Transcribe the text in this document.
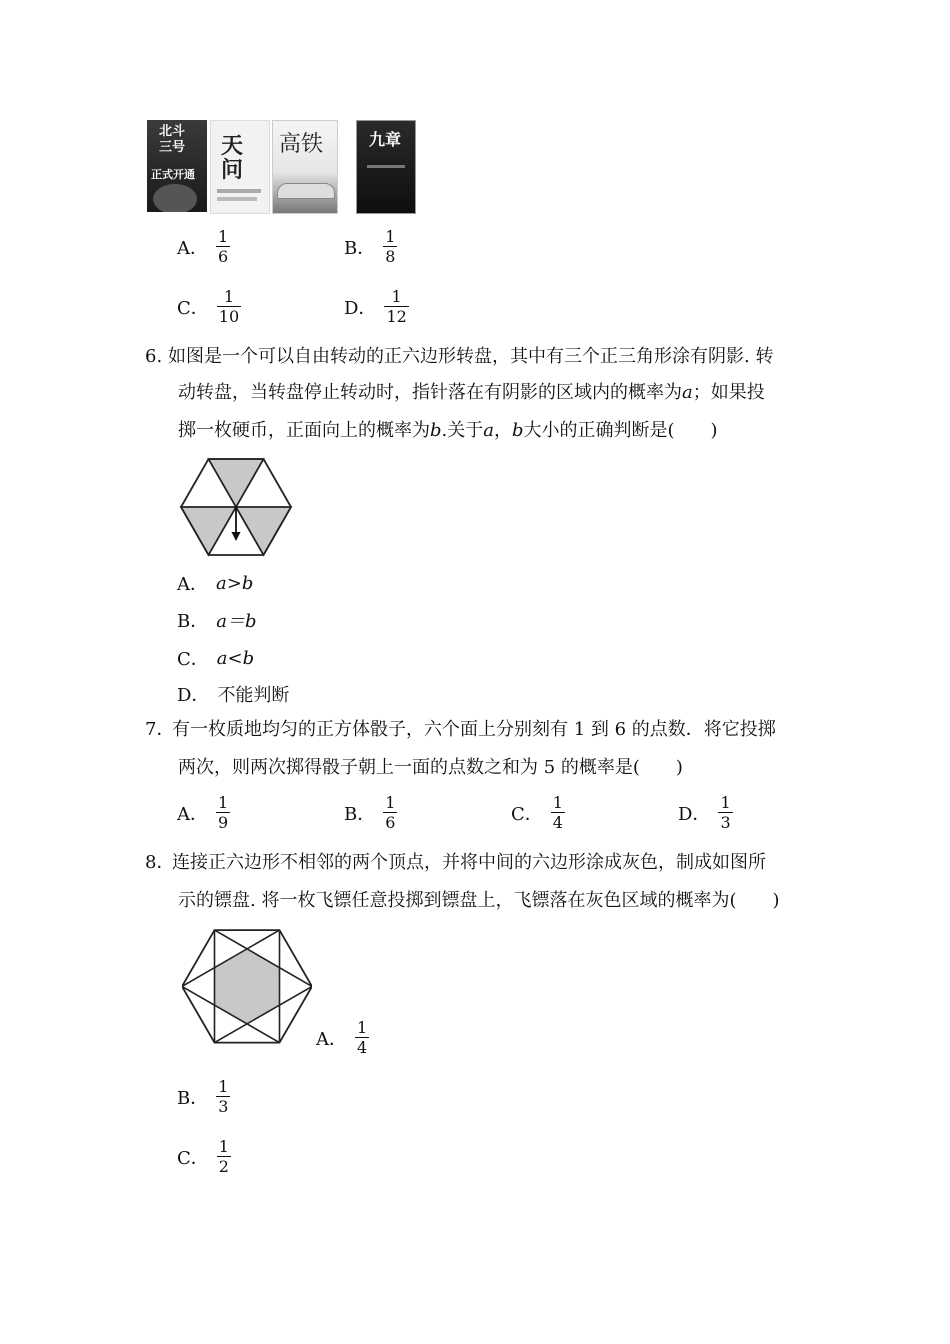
北斗三号
正式开通
天问
高铁	九章
A． $\frac{1}{6}$	B． $\frac{1}{8}$
C． $\frac{1}{10}$	D． $\frac{1}{12}$
6. 如图是一个可以自由转动的正六边形转盘，其中有三个正三角形涂有阴影. 转
动转盘，当转盘停止转动时，指针落在有阴影的区域内的概率为a；如果投
掷一枚硬币，正面向上的概率为b.关于a，b大小的正确判断是(　　)
A． a>b
B． a＝b
C． a<b
D． 不能判断
7．
有一枚质地均匀的正方体骰子，六个面上分别刻有 1 到 6 的点数．将它投掷
两次，则两次掷得骰子朝上一面的点数之和为 5 的概率是(　　)
A． $\frac{1}{9}$	B． $\frac{1}{6}$	C． $\frac{1}{4}$	D． $\frac{1}{3}$
8．
连接正六边形不相邻的两个顶点，并将中间的六边形涂成灰色，制成如图所
示的镖盘. 将一枚飞镖任意投掷到镖盘上，飞镖落在灰色区域的概率为(　　)
A． $\frac{1}{4}$
B． $\frac{1}{3}$
C． $\frac{1}{2}$
